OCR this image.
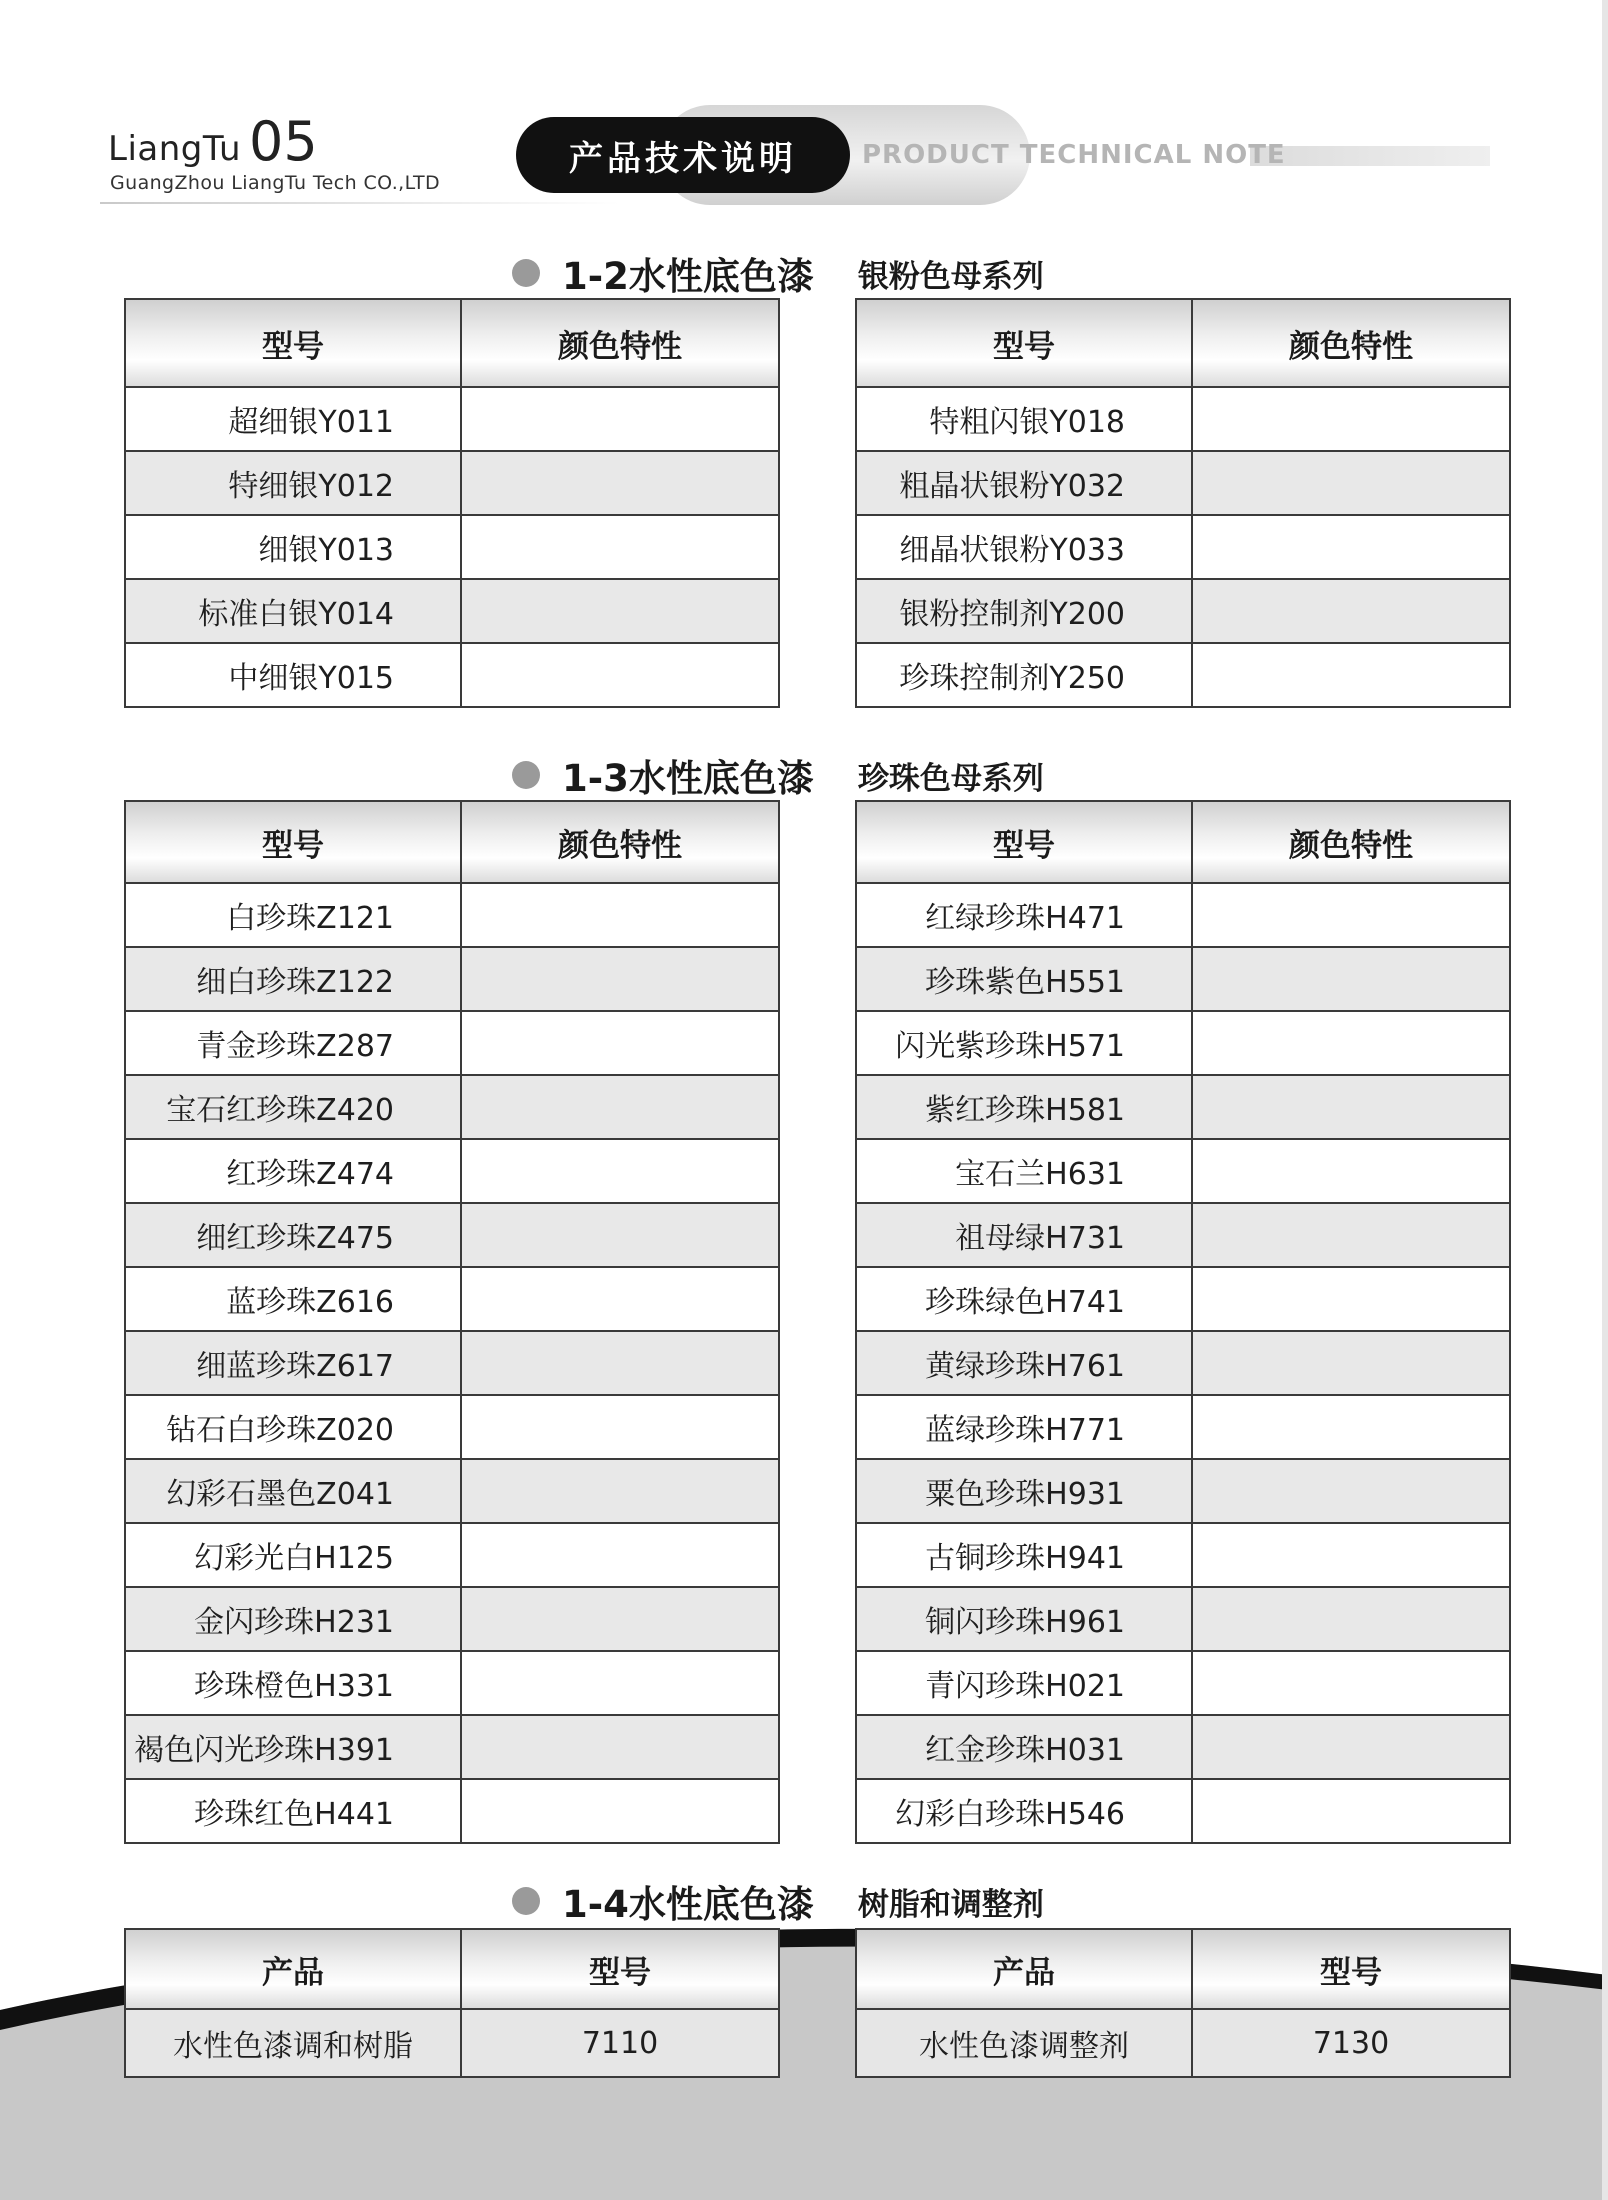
LiangTu 05
GuangZhou LiangTu Tech CO.,LTD
产品技术说明	PRODUCT TECHNICAL NOTE
1-2水性底色漆 银粉色母系列
型号	颜色特性
超细银Y011	
特细银Y012	
细银Y013	
标准白银Y014	
中细银Y015	
型号	颜色特性
特粗闪银Y018	
粗晶状银粉Y032	
细晶状银粉Y033	
银粉控制剂Y200	
珍珠控制剂Y250	
1-3水性底色漆 珍珠色母系列
型号	颜色特性
白珍珠Z121	
细白珍珠Z122	
青金珍珠Z287	
宝石红珍珠Z420	
红珍珠Z474	
细红珍珠Z475	
蓝珍珠Z616	
细蓝珍珠Z617	
钻石白珍珠Z020	
幻彩石墨色Z041	
幻彩光白H125	
金闪珍珠H231	
珍珠橙色H331	
褐色闪光珍珠H391	
珍珠红色H441	
型号	颜色特性
红绿珍珠H471	
珍珠紫色H551	
闪光紫珍珠H571	
紫红珍珠H581	
宝石兰H631	
祖母绿H731	
珍珠绿色H741	
黄绿珍珠H761	
蓝绿珍珠H771	
粟色珍珠H931	
古铜珍珠H941	
铜闪珍珠H961	
青闪珍珠H021	
红金珍珠H031	
幻彩白珍珠H546	
1-4水性底色漆 树脂和调整剂
产品	型号
水性色漆调和树脂	7110
产品	型号
水性色漆调整剂	7130
